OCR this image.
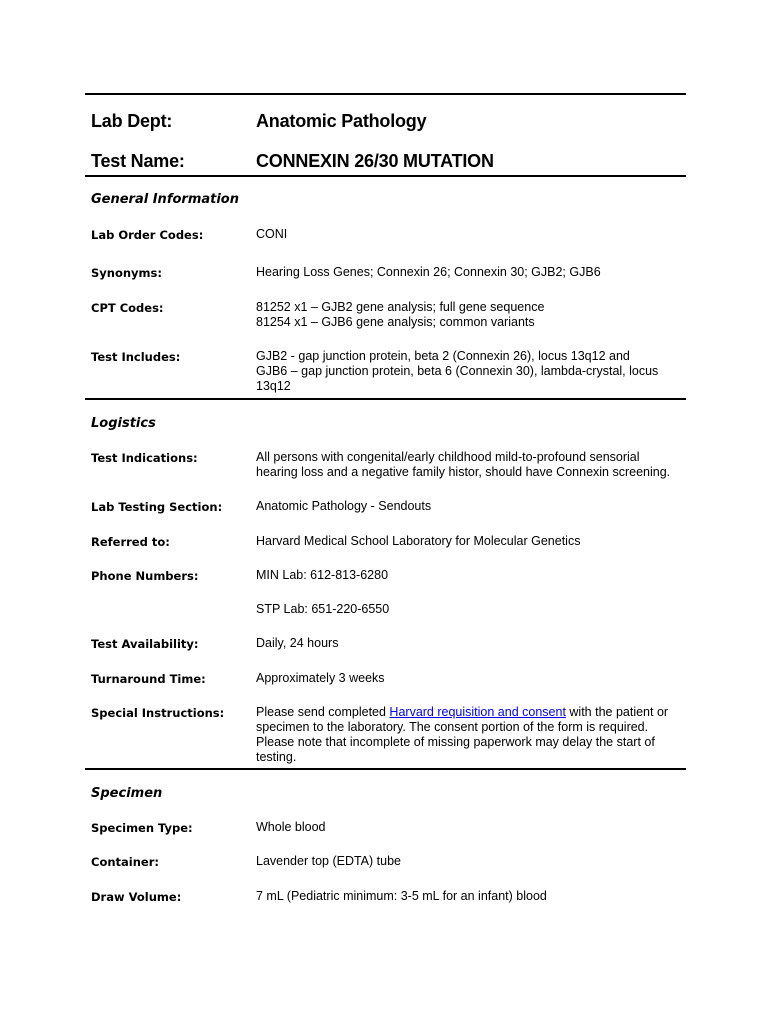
Lab Dept:	Anatomic Pathology
Test Name:	CONNEXIN 26/30 MUTATION
General Information
Lab Order Codes:	CONI
Synonyms:	Hearing Loss Genes; Connexin 26; Connexin 30; GJB2; GJB6
CPT Codes:	81252 x1 – GJB2 gene analysis; full gene sequence
81254 x1 – GJB6 gene analysis; common variants
Test Includes:	GJB2 - gap junction protein, beta 2 (Connexin 26), locus 13q12 and
GJB6 – gap junction protein, beta 6 (Connexin 30), lambda-crystal, locus
13q12
Logistics
Test Indications:	All persons with congenital/early childhood mild-to-profound sensorial
hearing loss and a negative family histor, should have Connexin screening.
Lab Testing Section:	Anatomic Pathology - Sendouts
Referred to:	Harvard Medical School Laboratory for Molecular Genetics
Phone Numbers:	MIN Lab: 612-813-6280
STP Lab: 651-220-6550
Test Availability:	Daily, 24 hours
Turnaround Time:	Approximately 3 weeks
Special Instructions:	Please send completed Harvard requisition and consent with the patient or
specimen to the laboratory. The consent portion of the form is required.
Please note that incomplete of missing paperwork may delay the start of
testing.
Specimen
Specimen Type:	Whole blood
Container:	Lavender top (EDTA) tube
Draw Volume:	7 mL (Pediatric minimum: 3-5 mL for an infant) blood
